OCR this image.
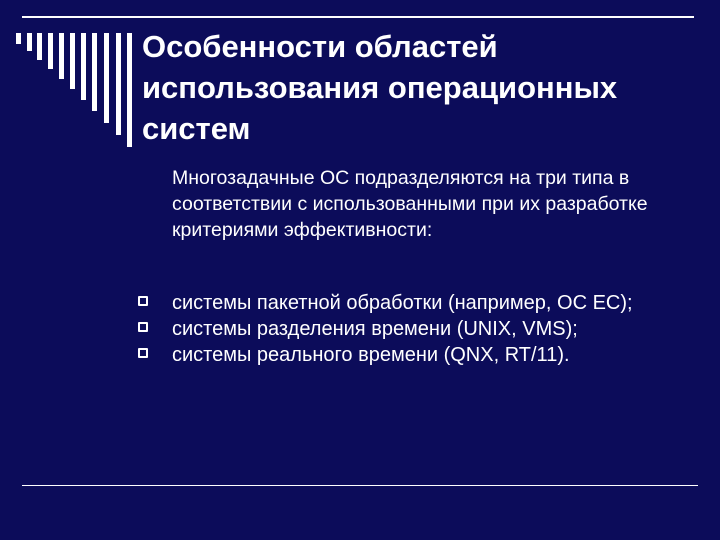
Особенности областей использования операционных систем

Многозадачные ОС подразделяются на три типа в соответствии с использованными при их разработке критериями эффективности:

системы пакетной обработки (например, ОС ЕС);
системы разделения времени (UNIX, VMS);
системы реального времени (QNX, RT/11).
